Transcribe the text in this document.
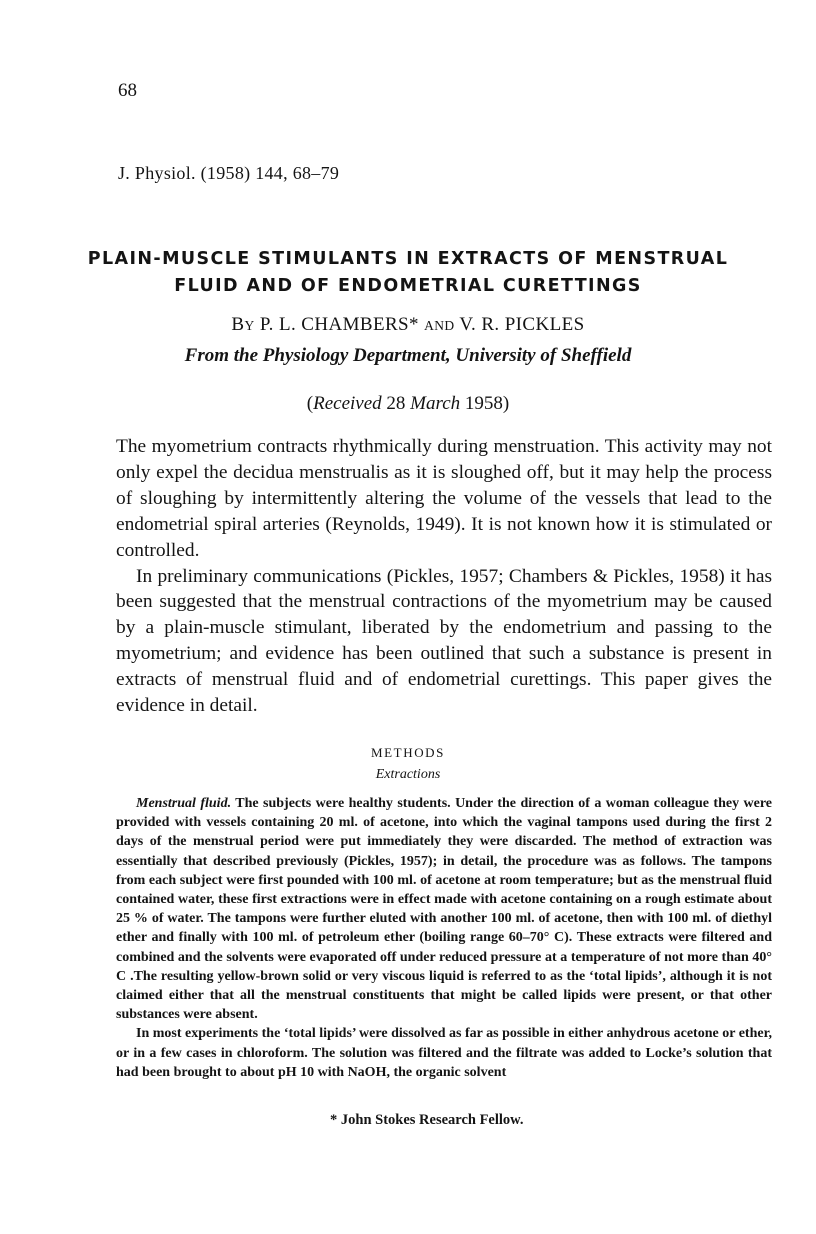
68
J. Physiol. (1958) 144, 68–79
PLAIN-MUSCLE STIMULANTS IN EXTRACTS OF MENSTRUAL
FLUID AND OF ENDOMETRIAL CURETTINGS
BY P. L. CHAMBERS* AND V. R. PICKLES
From the Physiology Department, University of Sheffield
(Received 28 March 1958)

The myometrium contracts rhythmically during menstruation. This activity may not only expel the decidua menstrualis as it is sloughed off, but it may help the process of sloughing by intermittently altering the volume of the vessels that lead to the endometrial spiral arteries (Reynolds, 1949). It is not known how it is stimulated or controlled.

In preliminary communications (Pickles, 1957; Chambers & Pickles, 1958) it has been suggested that the menstrual contractions of the myometrium may be caused by a plain-muscle stimulant, liberated by the endometrium and passing to the myometrium; and evidence has been outlined that such a substance is present in extracts of menstrual fluid and of endometrial curettings. This paper gives the evidence in detail.

METHODS
Extractions

Menstrual fluid. The subjects were healthy students. Under the direction of a woman colleague they were provided with vessels containing 20 ml. of acetone, into which the vaginal tampons used during the first 2 days of the menstrual period were put immediately they were discarded. The method of extraction was essentially that described previously (Pickles, 1957); in detail, the procedure was as follows. The tampons from each subject were first pounded with 100 ml. of acetone at room temperature; but as the menstrual fluid contained water, these first extractions were in effect made with acetone containing on a rough estimate about 25 % of water. The tampons were further eluted with another 100 ml. of acetone, then with 100 ml. of diethyl ether and finally with 100 ml. of petroleum ether (boiling range 60–70° C). These extracts were filtered and combined and the solvents were evaporated off under reduced pressure at a temperature of not more than 40° C .The resulting yellow-brown solid or very viscous liquid is referred to as the ‘total lipids’, although it is not claimed either that all the menstrual constituents that might be called lipids were present, or that other substances were absent.

In most experiments the ‘total lipids’ were dissolved as far as possible in either anhydrous acetone or ether, or in a few cases in chloroform. The solution was filtered and the filtrate was added to Locke’s solution that had been brought to about pH 10 with NaOH, the organic solvent

* John Stokes Research Fellow.
